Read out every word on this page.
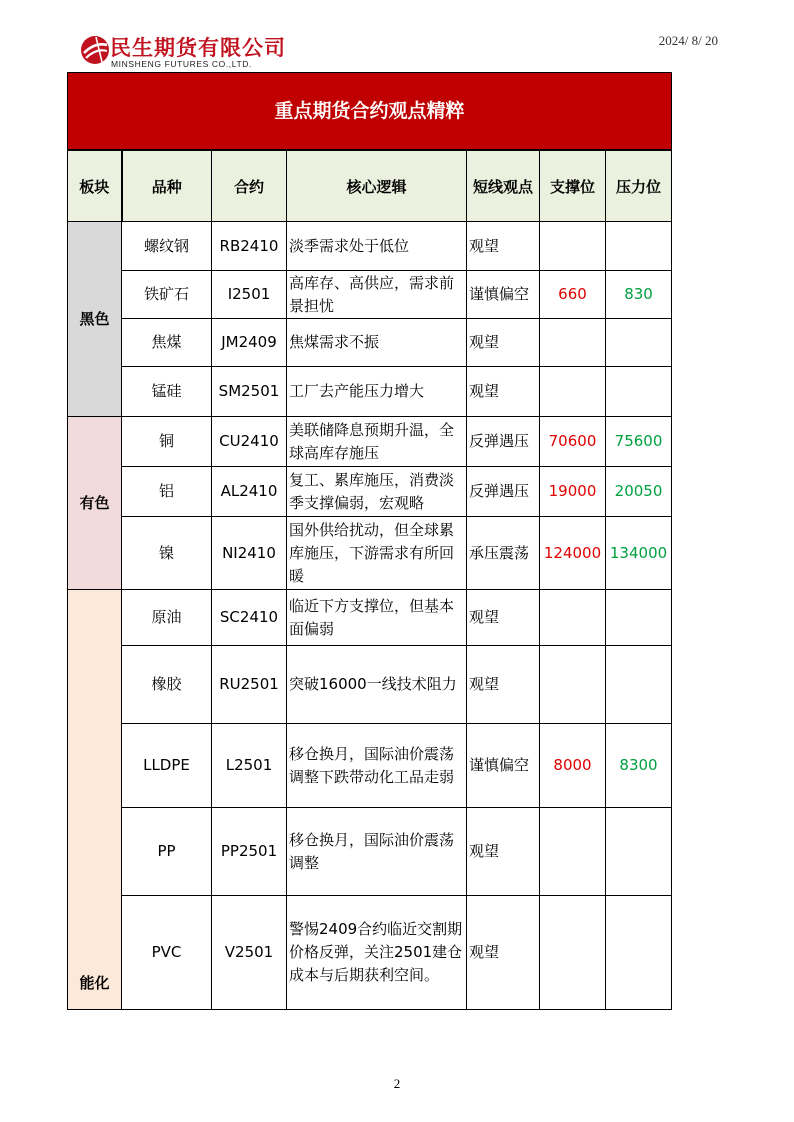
民生期货有限公司
MINSHENG FUTURES CO.,LTD.
2024/ 8/ 20
重点期货合约观点精粹						
板块	品种	合约	核心逻辑	短线观点	支撑位	压力位
黑色	螺纹钢	RB2410	淡季需求处于低位	观望		
	铁矿石	I2501	高库存、高供应，需求前景担忧	谨慎偏空	660	830
	焦煤	JM2409	焦煤需求不振	观望		
	锰硅	SM2501	工厂去产能压力增大	观望		
有色	铜	CU2410	美联储降息预期升温，全球高库存施压	反弹遇压	70600	75600
	铝	AL2410	复工、累库施压，消费淡季支撑偏弱，宏观略	反弹遇压	19000	20050
	镍	NI2410	国外供给扰动，但全球累库施压，下游需求有所回暖	承压震荡	124000	134000
能化	原油	SC2410	临近下方支撑位，但基本面偏弱	观望		
	橡胶	RU2501	突破16000一线技术阻力	观望		
	LLDPE	L2501	移仓换月，国际油价震荡调整下跌带动化工品走弱	谨慎偏空	8000	8300
	PP	PP2501	移仓换月，国际油价震荡调整	观望		
	PVC	V2501	警惕2409合约临近交割期价格反弹，关注2501建仓成本与后期获利空间。	观望		
2
